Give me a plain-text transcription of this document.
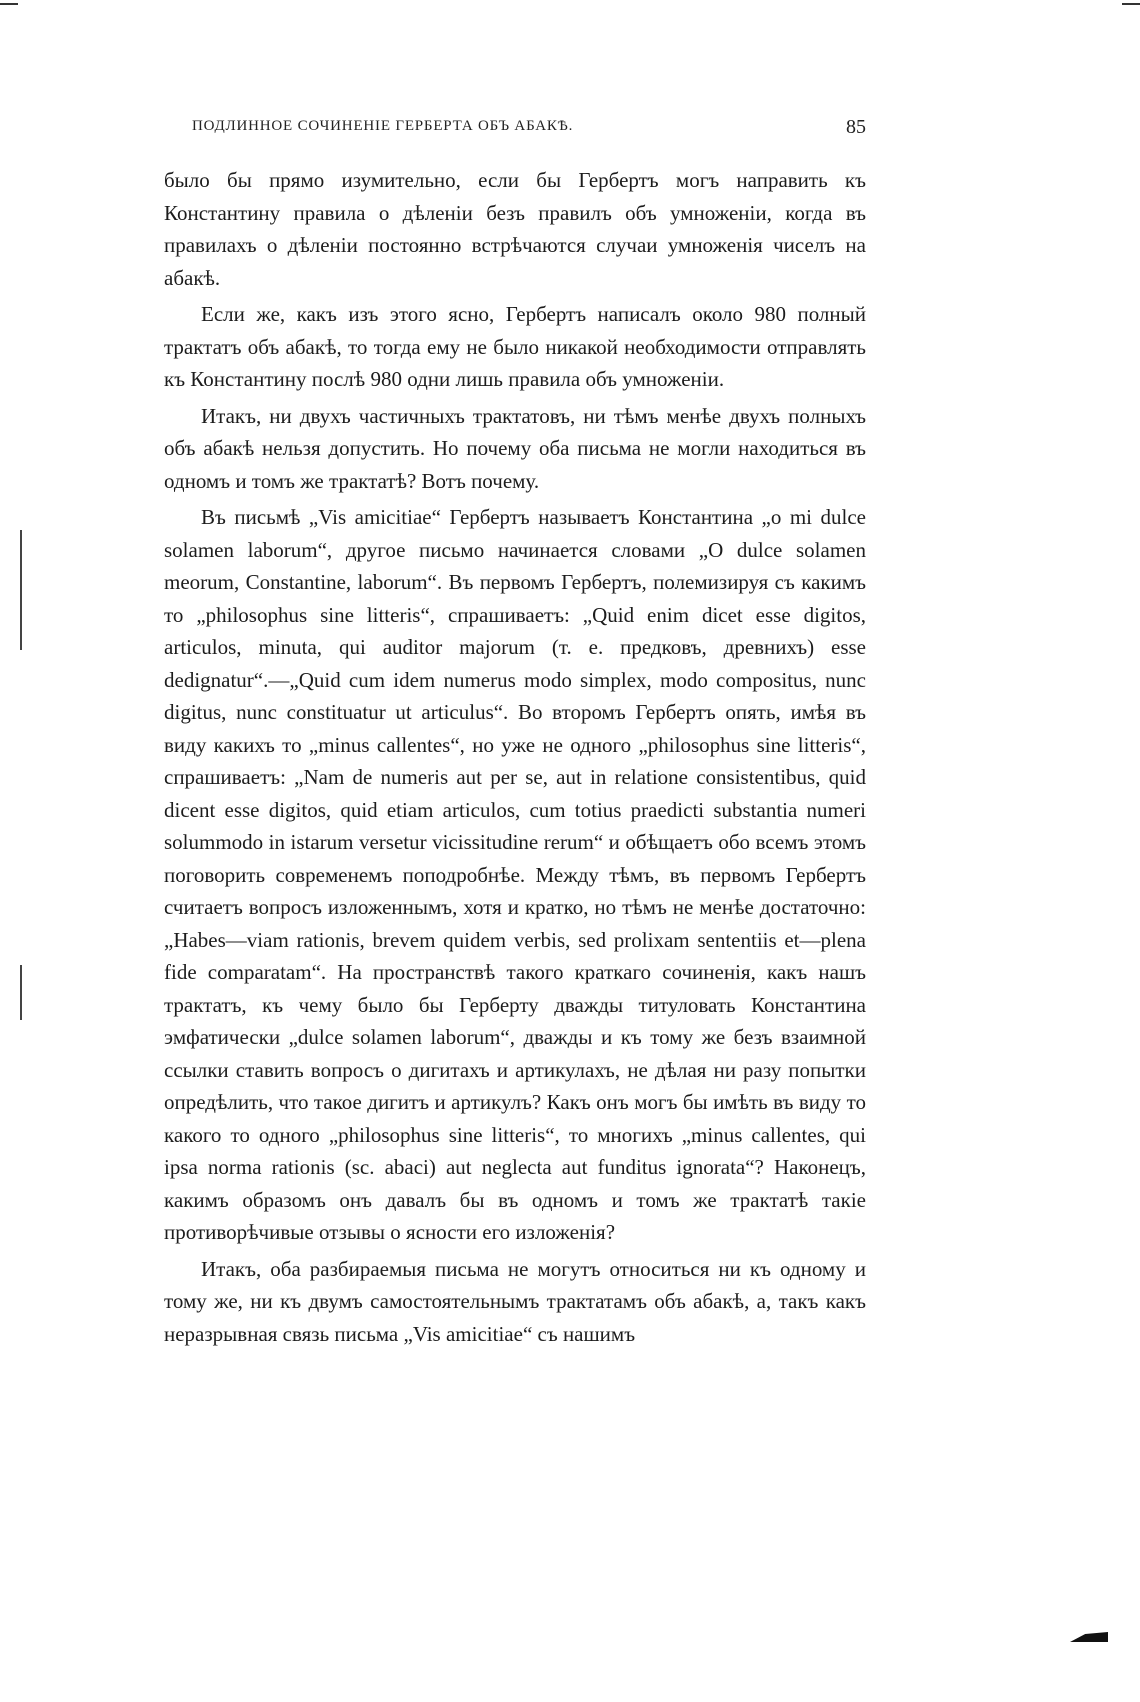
ПОДЛИННОЕ СОЧИНЕНІЕ ГЕРБЕРТА ОБЪ АБАКѢ.	85

было бы прямо изумительно, если бы Гербертъ могъ направить къ Константину правила о дѣленіи безъ правилъ объ умноженіи, когда въ правилахъ о дѣленіи постоянно встрѣчаются случаи умноженія чиселъ на абакѣ.

Если же, какъ изъ этого ясно, Гербертъ написалъ около 980 полный трактатъ объ абакѣ, то тогда ему не было никакой необходимости отправлять къ Константину послѣ 980 одни лишь правила объ умноженіи.

Итакъ, ни двухъ частичныхъ трактатовъ, ни тѣмъ менѣе двухъ полныхъ объ абакѣ нельзя допустить. Но почему оба письма не могли находиться въ одномъ и томъ же трактатѣ? Вотъ почему.

Въ письмѣ „Vis amicitiae“ Гербертъ называетъ Константина „o mi dulce solamen laborum“, другое письмо начинается словами „O dulce solamen meorum, Constantine, laborum“. Въ первомъ Гербертъ, полемизируя съ какимъ то „philosophus sine litteris“, спрашиваетъ: „Quid enim dicet esse digitos, articulos, minuta, qui auditor majorum (т. е. предковъ, древнихъ) esse dedignatur“.—„Quid cum idem numerus modo simplex, modo compositus, nunc digitus, nunc constituatur ut articulus“. Во второмъ Гербертъ опять, имѣя въ виду какихъ то „minus callentes“, но уже не одного „philosophus sine litteris“, спрашиваетъ: „Nam de numeris aut per se, aut in relatione consistentibus, quid dicent esse digitos, quid etiam articulos, cum totius praedicti substantia numeri solummodo in istarum versetur vicissitudine rerum“ и обѣщаетъ обо всемъ этомъ поговорить современемъ поподробнѣе. Между тѣмъ, въ первомъ Гербертъ считаетъ вопросъ изложеннымъ, хотя и кратко, но тѣмъ не менѣе достаточно: „Habes—viam rationis, brevem quidem verbis, sed prolixam sententiis et—plena fide comparatam“. На пространствѣ такого краткаго сочиненія, какъ нашъ трактатъ, къ чему было бы Герберту дважды титуловать Константина эмфатически „dulce solamen laborum“, дважды и къ тому же безъ взаимной ссылки ставить вопросъ о дигитахъ и артикулахъ, не дѣлая ни разу попытки опредѣлить, что такое дигитъ и артикулъ? Какъ онъ могъ бы имѣть въ виду то какого то одного „philosophus sine litteris“, то многихъ „minus callentes, qui ipsa norma rationis (sc. abaci) aut neglecta aut funditus ignorata“? Наконецъ, какимъ образомъ онъ давалъ бы въ одномъ и томъ же трактатѣ такіе противорѣчивые отзывы о ясности его изложенія?

Итакъ, оба разбираемыя письма не могутъ относиться ни къ одному и тому же, ни къ двумъ самостоятельнымъ трактатамъ объ абакѣ, а, такъ какъ неразрывная связь письма „Vis amicitiae“ съ нашимъ
